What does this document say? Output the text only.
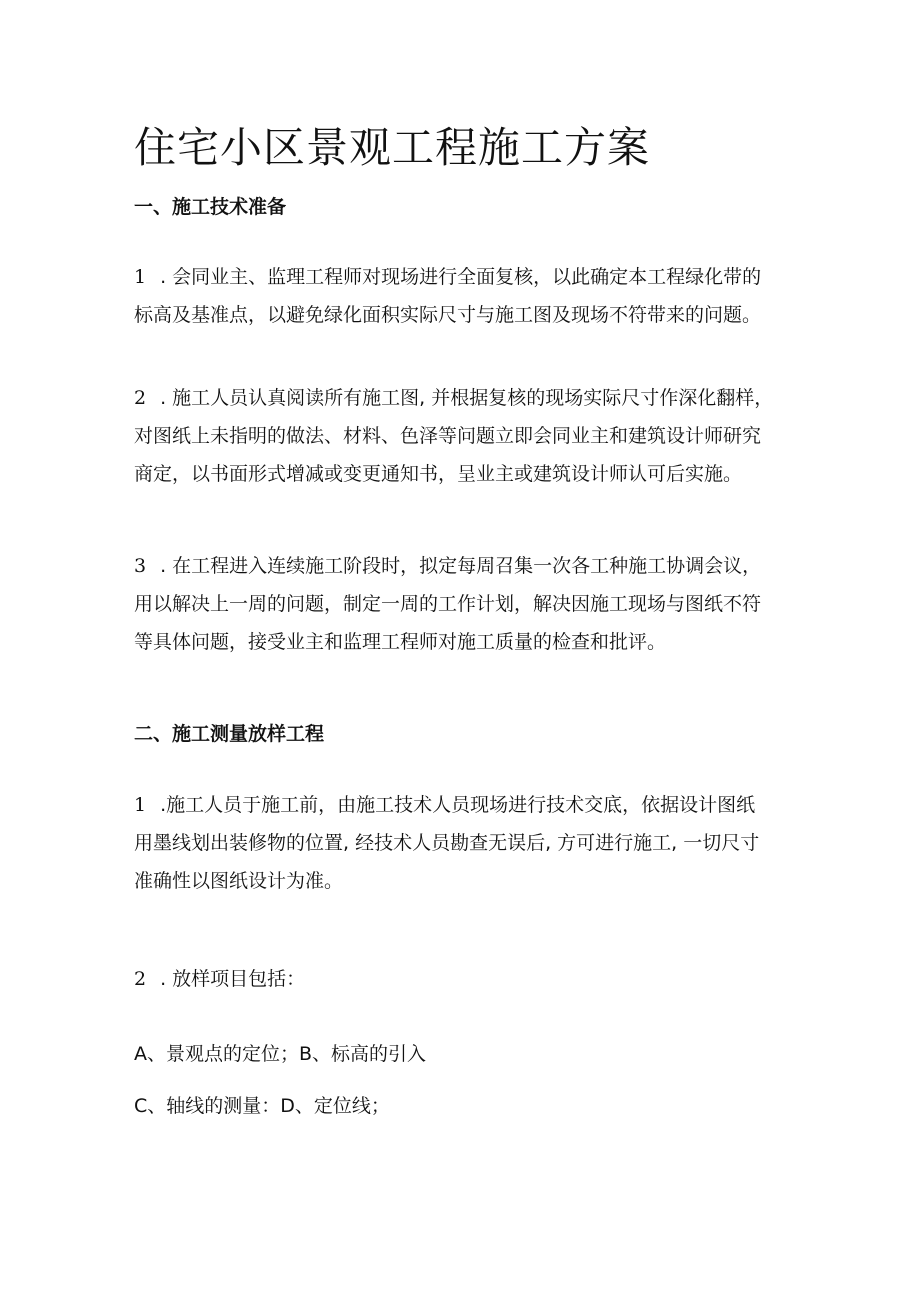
住宅小区景观工程施工方案
一、施工技术准备
1 . 会同业主、监理工程师对现场进行全面复核，以此确定本工程绿化带的
标高及基准点，以避免绿化面积实际尺寸与施工图及现场不符带来的问题。
2 . 施工人员认真阅读所有施工图, 并根据复核的现场实际尺寸作深化翻样，
对图纸上未指明的做法、材料、色泽等问题立即会同业主和建筑设计师研究
商定，以书面形式增减或变更通知书，呈业主或建筑设计师认可后实施。
3 . 在工程进入连续施工阶段时，拟定每周召集一次各工种施工协调会议，
用以解决上一周的问题，制定一周的工作计划，解决因施工现场与图纸不符
等具体问题，接受业主和监理工程师对施工质量的检查和批评。
二、施工测量放样工程
1 .施工人员于施工前，由施工技术人员现场进行技术交底，依据设计图纸
用墨线划出装修物的位置, 经技术人员勘查无误后, 方可进行施工, 一切尺寸
准确性以图纸设计为准。
2 . 放样项目包括：
A、景观点的定位；B、标高的引入
C、轴线的测量：D、定位线；
